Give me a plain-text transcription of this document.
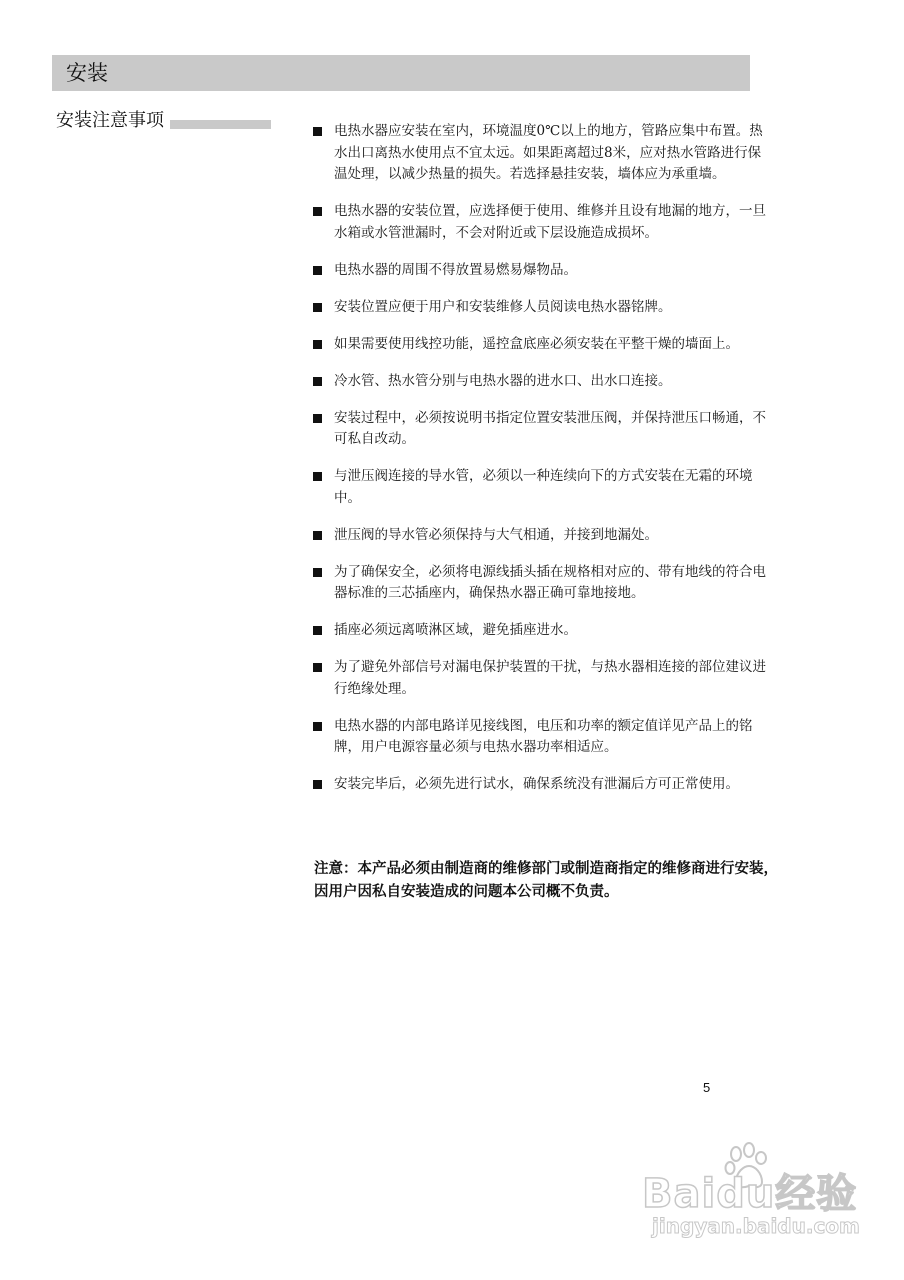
安装
安装注意事项	电热水器应安装在室内，环境温度0℃以上的地方，管路应集中布置。热水出口离热水使用点不宜太远。如果距离超过8米，应对热水管路进行保温处理，以减少热量的损失。若选择悬挂安装，墙体应为承重墙。
电热水器的安装位置，应选择便于使用、维修并且设有地漏的地方，一旦水箱或水管泄漏时，不会对附近或下层设施造成损坏。
电热水器的周围不得放置易燃易爆物品。
安装位置应便于用户和安装维修人员阅读电热水器铭牌。
如果需要使用线控功能，遥控盒底座必须安装在平整干燥的墙面上。
冷水管、热水管分别与电热水器的进水口、出水口连接。
安装过程中，必须按说明书指定位置安装泄压阀，并保持泄压口畅通，不可私自改动。
与泄压阀连接的导水管，必须以一种连续向下的方式安装在无霜的环境中。
泄压阀的导水管必须保持与大气相通，并接到地漏处。
为了确保安全，必须将电源线插头插在规格相对应的、带有地线的符合电器标准的三芯插座内，确保热水器正确可靠地接地。
插座必须远离喷淋区域，避免插座进水。
为了避免外部信号对漏电保护装置的干扰，与热水器相连接的部位建议进行绝缘处理。
电热水器的内部电路详见接线图，电压和功率的额定值详见产品上的铭牌，用户电源容量必须与电热水器功率相适应。
安装完毕后，必须先进行试水，确保系统没有泄漏后方可正常使用。
注意：本产品必须由制造商的维修部门或制造商指定的维修商进行安装，因用户因私自安装造成的问题本公司概不负责。
5
Baidu经验
jingyan.baidu.com
